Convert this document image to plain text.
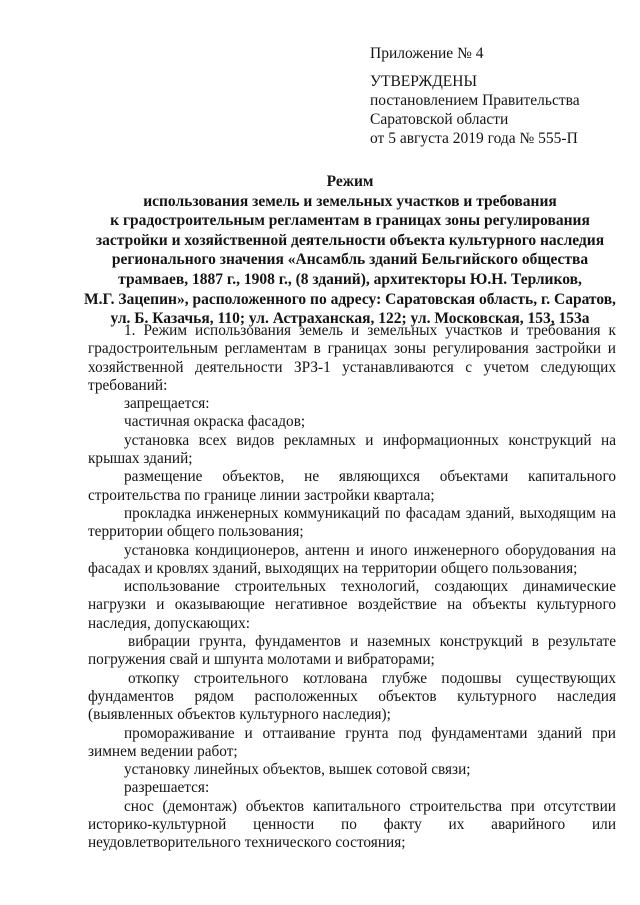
Приложение № 4
УТВЕРЖДЕНЫ
постановлением Правительства
Саратовской области
от 5 августа 2019 года № 555-П
Режим
использования земель и земельных участков и требования
к градостроительным регламентам в границах зоны регулирования
застройки и хозяйственной деятельности объекта культурного наследия
регионального значения «Ансамбль зданий Бельгийского общества
трамваев, 1887 г., 1908 г., (8 зданий), архитекторы Ю.Н. Терликов,
М.Г. Зацепин», расположенного по адресу: Саратовская область, г. Саратов,
ул. Б. Казачья, 110; ул. Астраханская, 122; ул. Московская, 153, 153а

1. Режим использования земель и земельных участков и требования к градостроительным регламентам в границах зоны регулирования застройки и хозяйственной деятельности ЗРЗ-1 устанавливаются с учетом следующих требований:

запрещается:

частичная окраска фасадов;

установка всех видов рекламных и информационных конструкций на крышах зданий;

размещение объектов, не являющихся объектами капитального строительства по границе линии застройки квартала;

прокладка инженерных коммуникаций по фасадам зданий, выходящим на территории общего пользования;

установка кондиционеров, антенн и иного инженерного оборудования на фасадах и кровлях зданий, выходящих на территории общего пользования;

использование строительных технологий, создающих динамические нагрузки и оказывающие негативное воздействие на объекты культурного наследия, допускающих:

вибрации грунта, фундаментов и наземных конструкций в результате погружения свай и шпунта молотами и вибраторами;

откопку строительного котлована глубже подошвы существующих фундаментов рядом расположенных объектов культурного наследия (выявленных объектов культурного наследия);

промораживание и оттаивание грунта под фундаментами зданий при зимнем ведении работ;

установку линейных объектов, вышек сотовой связи;

разрешается:

снос (демонтаж) объектов капитального строительства при отсутствии историко-культурной ценности по факту их аварийного или неудовлетворительного технического состояния;
